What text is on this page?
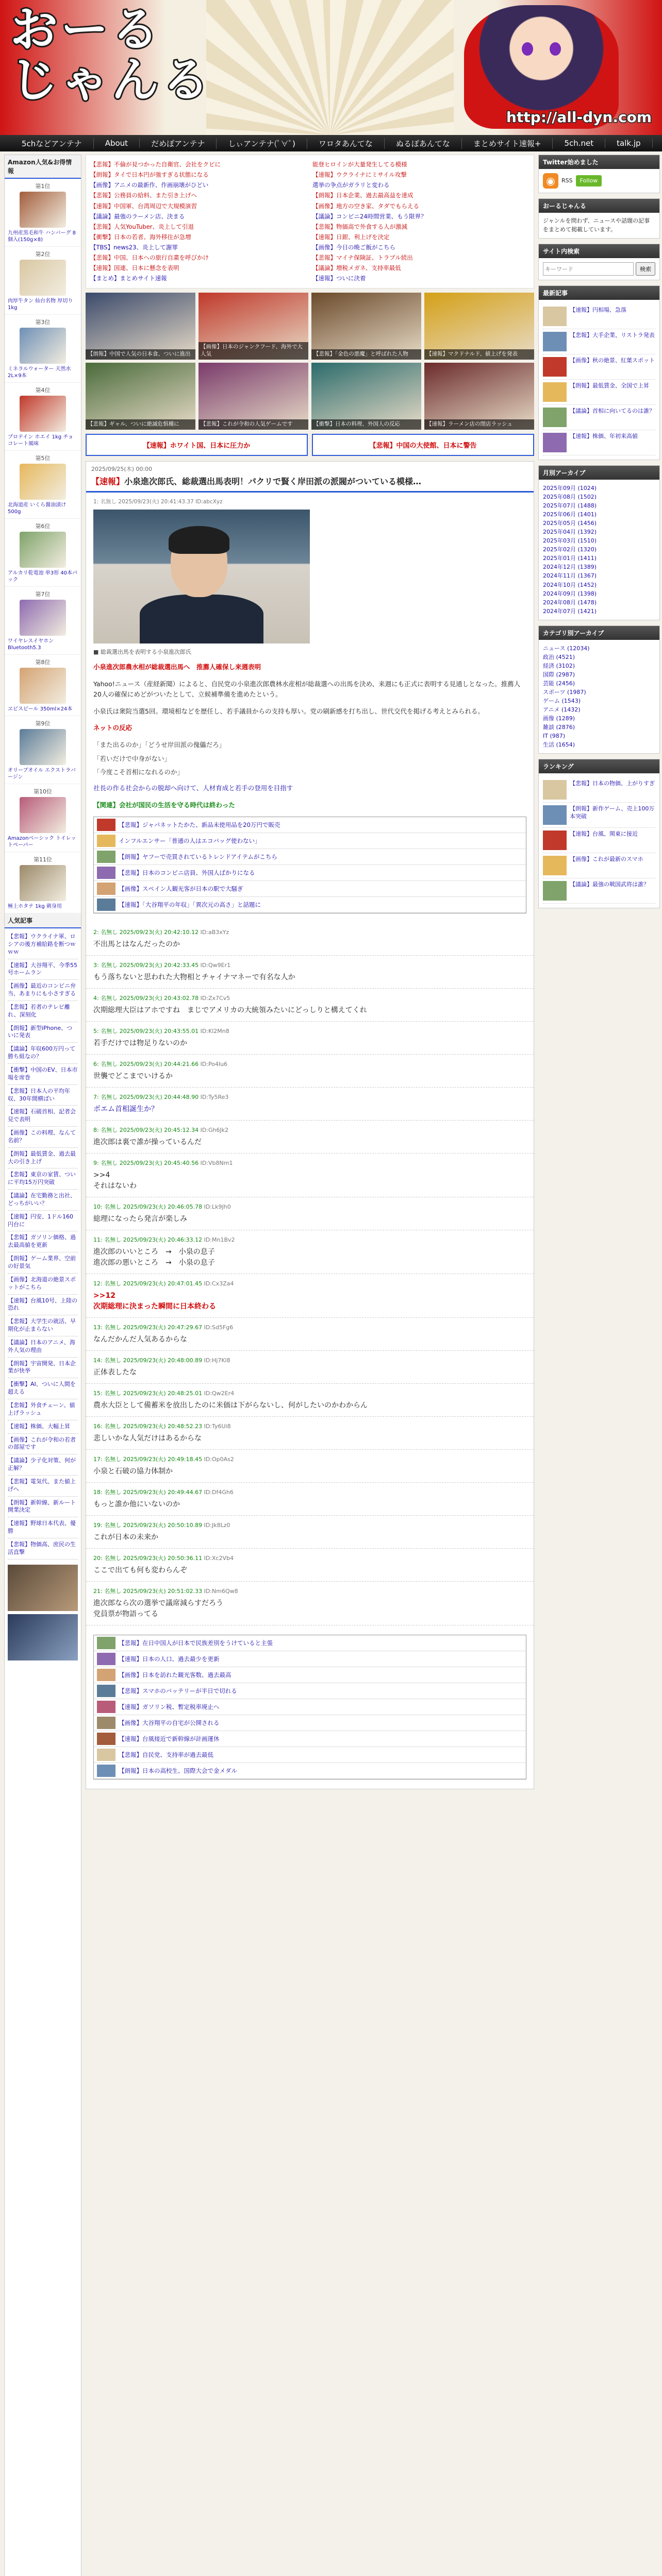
おーる
じゃんる
http://all-dyn.com
5chなどアンテナ	About	だめぽアンテナ	しぃアンテナ(ﾟ∀ﾟ)	ワロタあんてな	ぬるぽあんてな	まとめサイト速報+	5ch.net	talk.jp
Amazon人気&お得情報
第1位
九州産黒毛和牛 ハンバーグ 8個入(150g×8)
第2位
肉厚牛タン 仙台名物 厚切り 1kg
第3位
ミネラルウォーター 天然水 2L×9本
第4位
プロテイン ホエイ 1kg チョコレート風味
第5位
北海道産 いくら醤油漬け 500g
第6位
アルカリ乾電池 単3形 40本パック
第7位
ワイヤレスイヤホン Bluetooth5.3
第8位
ヱビスビール 350ml×24本
第9位
オリーブオイル エクストラバージン
第10位
Amazonベーシック トイレットペーパー
第11位
極上ホタテ 1kg 刺身用
人気記事
【悲報】ウクライナ軍、ロシアの後方補給路を断つｗｗｗ
【速報】大谷翔平、今季55号ホームラン
【画像】最近のコンビニ弁当、あまりにも小さすぎる
【悲報】若者のテレビ離れ、深刻化
【朗報】新型iPhone、ついに発表
【議論】年収600万円って勝ち組なの？
【衝撃】中国のEV、日本市場を席巻
【悲報】日本人の平均年収、30年間横ばい
【速報】石破首相、記者会見で表明
【画像】この料理、なんて名前？
【朗報】最低賃金、過去最大の引き上げ
【悲報】東京の家賃、ついに平均15万円突破
【議論】在宅勤務と出社、どっちがいい？
【速報】円安、1ドル160円台に
【悲報】ガソリン価格、過去最高値を更新
【朗報】ゲーム業界、空前の好景気
【画像】北海道の絶景スポットがこちら
【速報】台風10号、上陸の恐れ
【悲報】大学生の就活、早期化が止まらない
【議論】日本のアニメ、海外人気の理由
【朗報】宇宙開発、日本企業が快挙
【衝撃】AI、ついに人間を超える
【悲報】外食チェーン、値上げラッシュ
【速報】株価、大幅上昇
【画像】これが令和の若者の部屋です
【議論】少子化対策、何が正解？
【悲報】電気代、また値上げへ
【朗報】新幹線、新ルート開業決定
【速報】野球日本代表、優勝
【悲報】物価高、庶民の生活直撃
【悲報】不倫が見つかった自衛官、会社をクビに
【朗報】タイで日本円が強すぎる状態になる
【画像】アニメの最新作、作画崩壊がひどい
【悲報】公務員の給料、また引き上げへ
【速報】中国軍、台湾周辺で大規模演習
【議論】最強のラーメン店、決まる
【悲報】人気YouTuber、炎上して引退
【衝撃】日本の若者、海外移住が急増
【TBS】news23、炎上して謝罪
【悲報】中国、日本への旅行自粛を呼びかけ
【速報】国連、日本に懸念を表明
【まとめ】まとめサイト速報
能登ヒロインが大量発生してる模様
【速報】ウクライナにミサイル攻撃
選挙の争点がガラリと変わる
【朗報】日本企業、過去最高益を達成
【画像】地方の空き家、タダでもらえる
【議論】コンビニ24時間営業、もう限界？
【悲報】物価高で外食する人が激減
【速報】日銀、利上げを決定
【画像】今日の晩ご飯がこちら
【悲報】マイナ保険証、トラブル続出
【議論】増税メガネ、支持率最低
【速報】ついに決着
【朗報】中国で人気の日本食、ついに進出
【画像】日本のジャンクフード、海外で大人気	【悲報】「金色の悪魔」と呼ばれた人物	【速報】マクドナルド、値上げを発表
【悲報】ギャル、ついに絶滅危惧種に	【悲報】これが令和の人気ゲームです	【衝撃】日本の料理、外国人の反応	【速報】ラーメン店の閉店ラッシュ
【速報】ホワイト国、日本に圧力か	【悲報】中国の大使館、日本に警告
2025/09/25(木) 00:00
【速報】小泉進次郎氏、総裁選出馬表明！パクリで賢く岸田派の派閥がついている模様…
1: 名無し 2025/09/23(火) 20:41:43.37 ID:abcXyz
■ 総裁選出馬を表明する小泉進次郎氏

小泉進次郎農水相が総裁選出馬へ　推薦人確保し来週表明

Yahoo!ニュース（産経新聞）によると、自民党の小泉進次郎農林水産相が総裁選への出馬を決め、来週にも正式に表明する見通しとなった。推薦人20人の確保にめどがついたとして、立候補準備を進めたという。

小泉氏は衆院当選5回。環境相などを歴任し、若手議員からの支持も厚い。党の刷新感を打ち出し、世代交代を掲げる考えとみられる。

ネットの反応

「また出るのか」「どうせ岸田派の傀儡だろ」
「若いだけで中身がない」
「今度こそ首相になれるのか」

社長の作る社会からの脱却へ向けて、人材育成と若手の登用を目指す

【関連】会社が国民の生活を守る時代は終わった

【悲報】ジャパネットたかた、新品未使用品を20万円で販売
インフルエンサー「普通の人はエコバッグ使わない」
【朗報】ヤフーで売買されているトレンドアイテムがこちら
【悲報】日本のコンビニ店員、外国人ばかりになる
【画像】スペイン人観光客が日本の駅で大騒ぎ
【速報】「大谷翔平の年収」「異次元の高さ」と話題に
2: 名無し 2025/09/23(火) 20:42:10.12 ID:aB3xYz
不出馬とはなんだったのか
3: 名無し 2025/09/23(火) 20:42:33.45 ID:Qw9Er1
もう落ちないと思われた大物相とチャイナマネーで有名な人か
4: 名無し 2025/09/23(火) 20:43:02.78 ID:Zx7Cv5
次期総理大臣はアホですね　まじでアメリカの大統領みたいにどっしりと構えてくれ
5: 名無し 2025/09/23(火) 20:43:55.01 ID:Kl2Mn8
若手だけでは物足りないのか
6: 名無し 2025/09/23(火) 20:44:21.66 ID:Po4Iu6
世襲でどこまでいけるか
7: 名無し 2025/09/23(火) 20:44:48.90 ID:Ty5Re3
ポエム首相誕生か？
8: 名無し 2025/09/23(火) 20:45:12.34 ID:Gh6Jk2
進次郎は裏で誰が操っているんだ
9: 名無し 2025/09/23(火) 20:45:40.56 ID:Vb8Nm1
>>4
それはないわ
10: 名無し 2025/09/23(火) 20:46:05.78 ID:Lk9Jh0
総理になったら発言が楽しみ
11: 名無し 2025/09/23(火) 20:46:33.12 ID:Mn1Bv2
進次郎のいいところ　→　小泉の息子
進次郎の悪いところ　→　小泉の息子
12: 名無し 2025/09/23(火) 20:47:01.45 ID:Cx3Za4
>>12
次期総理に決まった瞬間に日本終わる
13: 名無し 2025/09/23(火) 20:47:29.67 ID:Sd5Fg6
なんだかんだ人気あるからな
14: 名無し 2025/09/23(火) 20:48:00.89 ID:Hj7Kl8
正体表したな
15: 名無し 2025/09/23(火) 20:48:25.01 ID:Qw2Er4
農水大臣として備蓄米を放出したのに米価は下がらないし、何がしたいのかわからん
16: 名無し 2025/09/23(火) 20:48:52.23 ID:Ty6Ui8
悲しいかな人気だけはあるからな
17: 名無し 2025/09/23(火) 20:49:18.45 ID:Op0As2
小泉と石破の協力体制か
18: 名無し 2025/09/23(火) 20:49:44.67 ID:Df4Gh6
もっと誰か他にいないのか
19: 名無し 2025/09/23(火) 20:50:10.89 ID:Jk8Lz0
これが日本の未来か
20: 名無し 2025/09/23(火) 20:50:36.11 ID:Xc2Vb4
ここで出ても何も変わらんぞ
21: 名無し 2025/09/23(火) 20:51:02.33 ID:Nm6Qw8
進次郎なら次の選挙で議席減らすだろう
党員票が物語ってる
【悲報】在日中国人が日本で民族差別をうけていると主張
【速報】日本の人口、過去最少を更新
【画像】日本を訪れた観光客数、過去最高
【悲報】スマホのバッテリーが半日で切れる
【速報】ガソリン税、暫定税率廃止へ
【画像】大谷翔平の自宅が公開される
【速報】台風接近で新幹線が計画運休
【悲報】自民党、支持率が過去最低
【朗報】日本の高校生、国際大会で金メダル
Twitter始めました
◉	RSS	Follow
おーるじゃんる
ジャンルを問わず、ニュースや話題の記事をまとめて掲載しています。
サイト内検索
キーワード
検索
最新記事
【速報】円相場、急落
【悲報】大手企業、リストラ発表
【画像】秋の絶景、紅葉スポット
【朗報】最低賃金、全国で上昇
【議論】首相に向いてるのは誰？
【速報】株価、年初来高値
月別アーカイブ
2025年09月 (1024)
2025年08月 (1502)
2025年07月 (1488)
2025年06月 (1401)
2025年05月 (1456)
2025年04月 (1392)
2025年03月 (1510)
2025年02月 (1320)
2025年01月 (1411)
2024年12月 (1389)
2024年11月 (1367)
2024年10月 (1452)
2024年09月 (1398)
2024年08月 (1478)
2024年07月 (1421)
カテゴリ別アーカイブ
ニュース (12034)
政治 (4521)
経済 (3102)
国際 (2987)
芸能 (2456)
スポーツ (1987)
ゲーム (1543)
アニメ (1432)
画像 (1289)
雑談 (2876)
IT (987)
生活 (1654)
ランキング
【悲報】日本の物価、上がりすぎ
【朗報】新作ゲーム、売上100万本突破
【速報】台風、関東に接近
【画像】これが最新のスマホ
【議論】最強の戦国武将は誰？
